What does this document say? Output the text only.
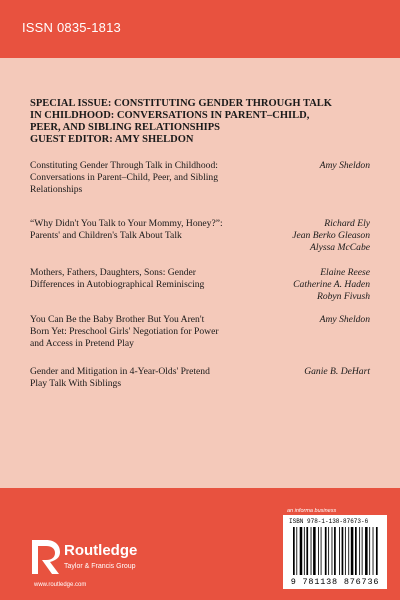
ISSN 0835-1813
SPECIAL ISSUE: CONSTITUTING GENDER THROUGH TALK
IN CHILDHOOD: CONVERSATIONS IN PARENT–CHILD,
PEER, AND SIBLING RELATIONSHIPS
GUEST EDITOR: AMY SHELDON
Constituting Gender Through Talk in Childhood:
Conversations in Parent–Child, Peer, and Sibling
Relationships
Amy Sheldon
“Why Didn't You Talk to Your Mommy, Honey?”:
Parents' and Children's Talk About Talk
Richard Ely
Jean Berko Gleason
Alyssa McCabe
Mothers, Fathers, Daughters, Sons: Gender
Differences in Autobiographical Reminiscing
Elaine Reese
Catherine A. Haden
Robyn Fivush
You Can Be the Baby Brother But You Aren't
Born Yet: Preschool Girls' Negotiation for Power
and Access in Pretend Play
Amy Sheldon
Gender and Mitigation in 4-Year-Olds' Pretend
Play Talk With Siblings
Ganie B. DeHart
Routledge
Taylor & Francis Group
www.routledge.com
an informa business
ISBN 978-1-138-87673-6
9 781138 876736
